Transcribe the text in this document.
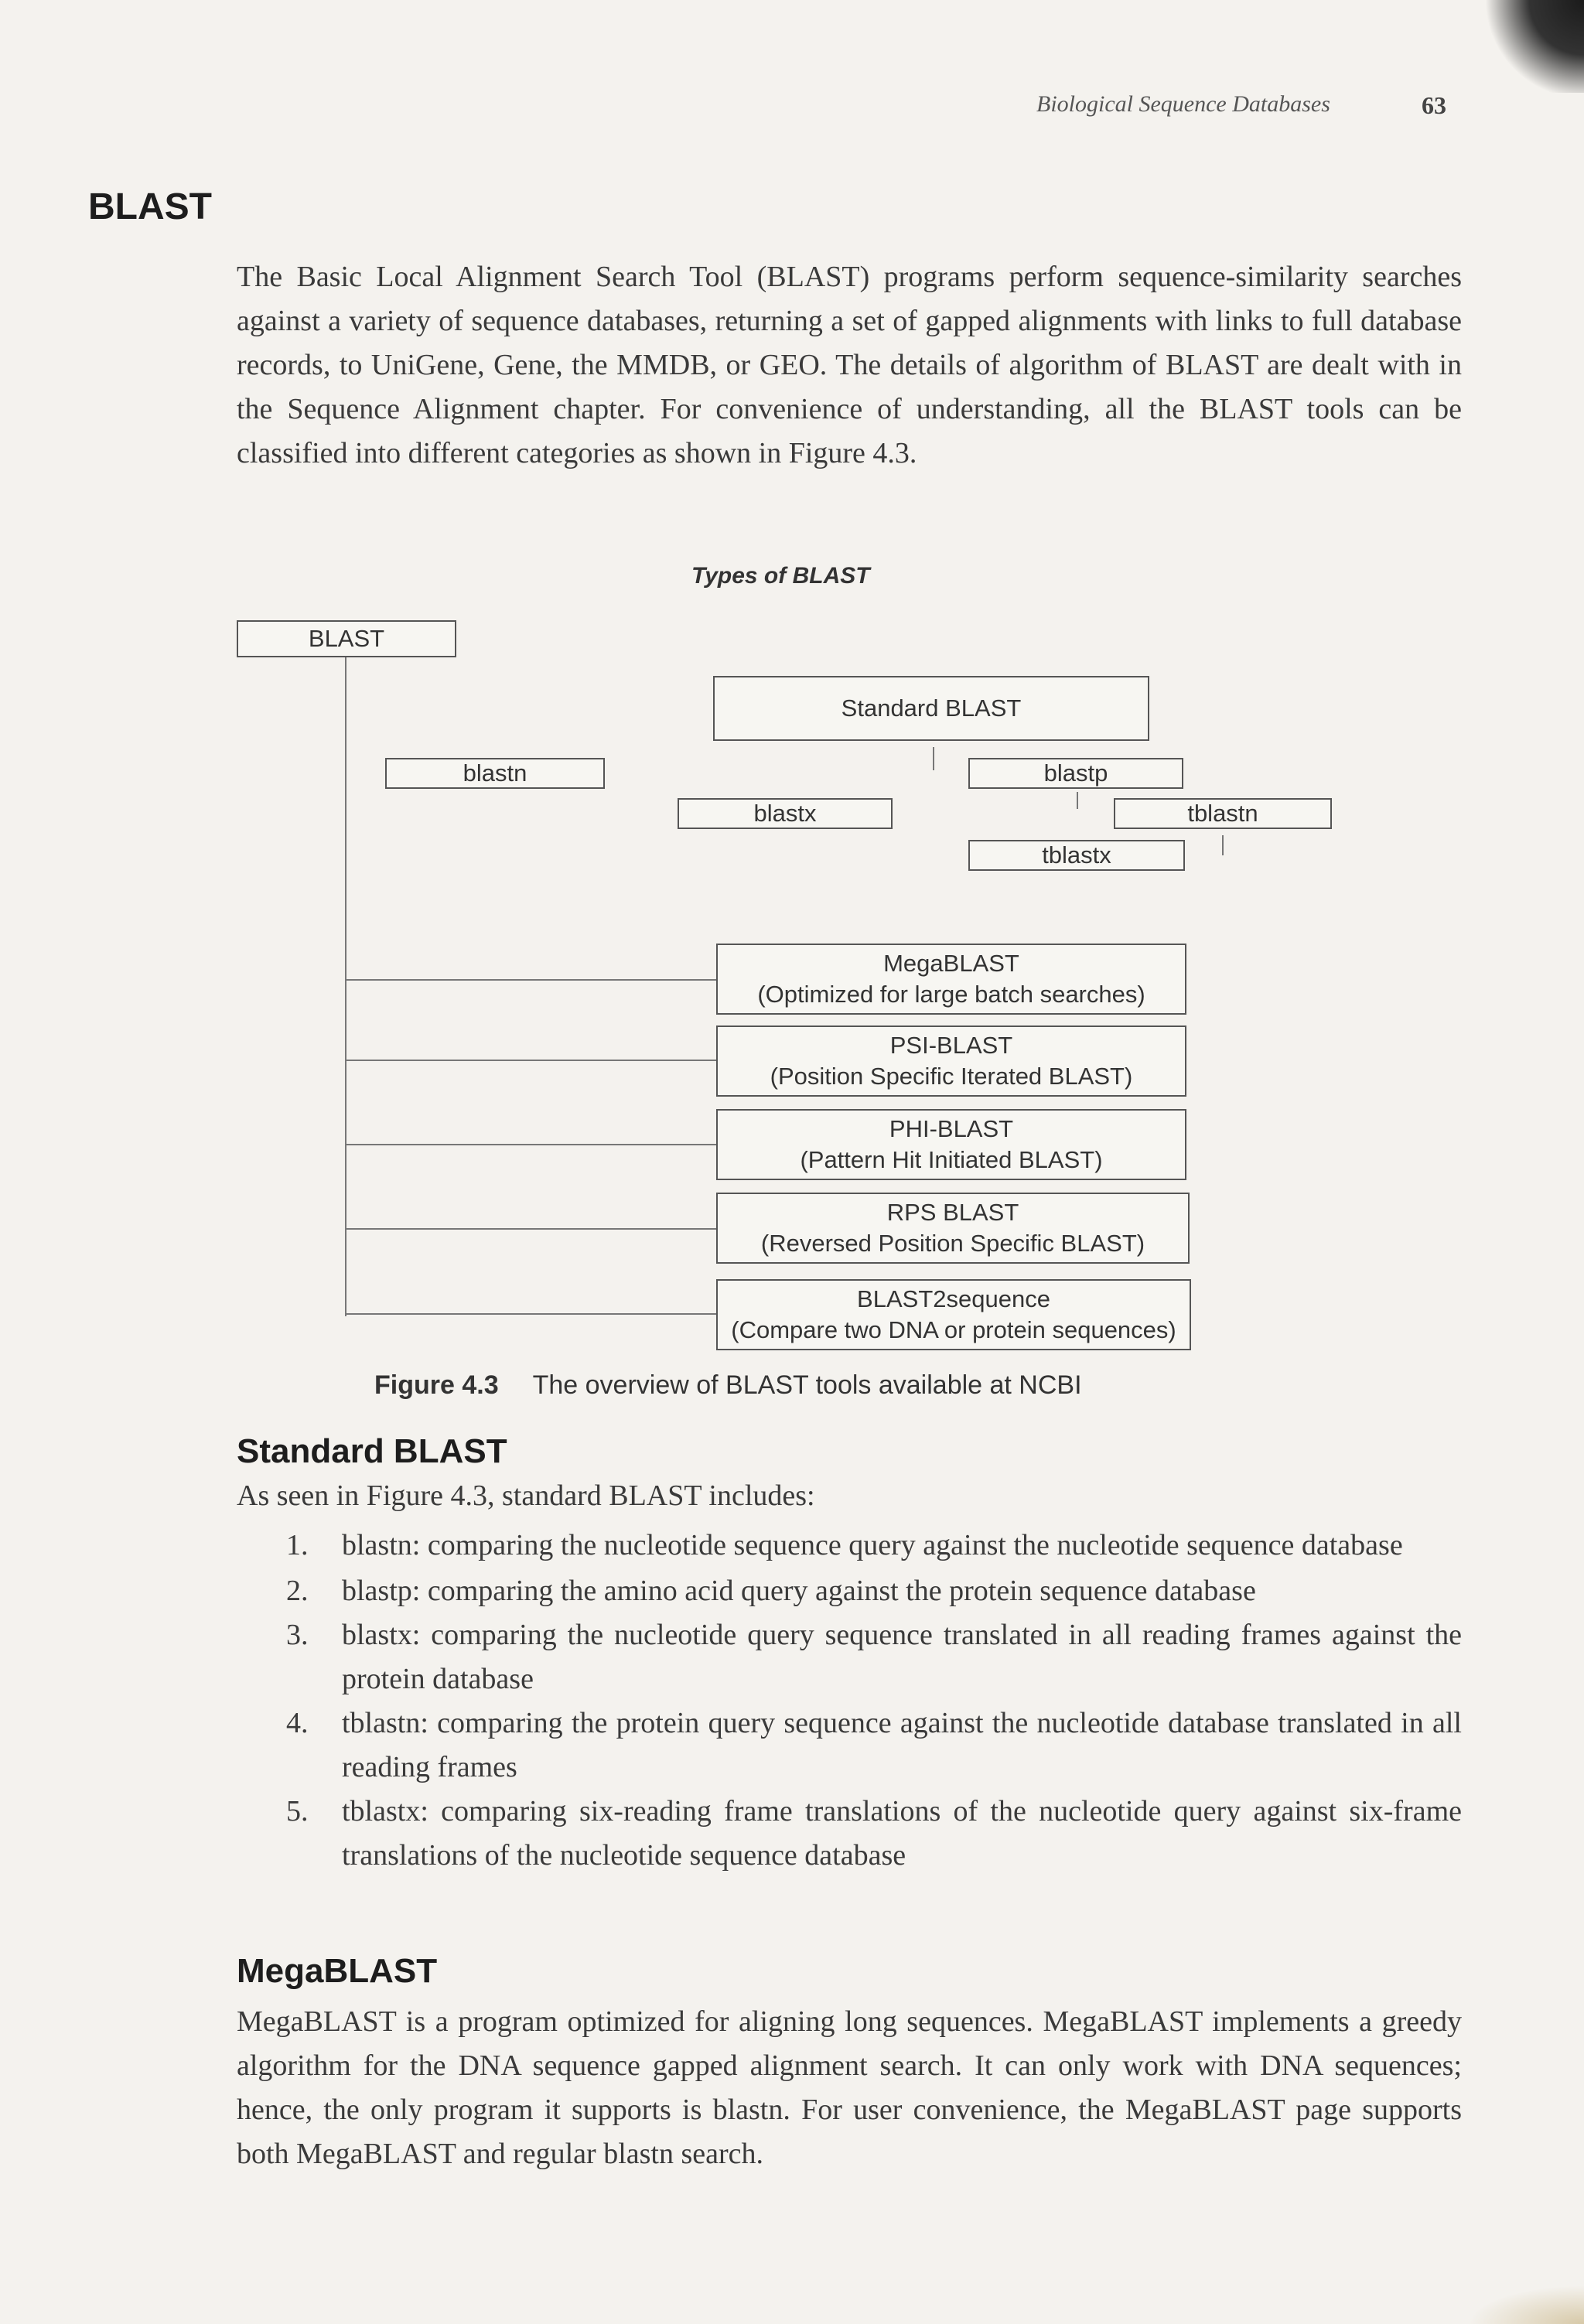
Biological Sequence Databases	63
BLAST
The Basic Local Alignment Search Tool (BLAST) programs perform sequence-similarity searches against a variety of sequence databases, returning a set of gapped alignments with links to full database records, to UniGene, Gene, the MMDB, or GEO. The details of algorithm of BLAST are dealt with in the Sequence Alignment chapter. For convenience of understanding, all the BLAST tools can be classified into different categories as shown in Figure 4.3.
Types of BLAST
BLAST
Standard BLAST
blastn	blastp
blastx	tblastn
tblastx
MegaBLAST
(Optimized for large batch searches)
PSI-BLAST
(Position Specific Iterated BLAST)
PHI-BLAST
(Pattern Hit Initiated BLAST)
RPS BLAST
(Reversed Position Specific BLAST)
BLAST2sequence
(Compare two DNA or protein sequences)
Figure 4.3 The overview of BLAST tools available at NCBI
Standard BLAST
As seen in Figure 4.3, standard BLAST includes:
1. blastn: comparing the nucleotide sequence query against the nucleotide sequence database
2. blastp: comparing the amino acid query against the protein sequence database
3. blastx: comparing the nucleotide query sequence translated in all reading frames against the protein database
4. tblastn: comparing the protein query sequence against the nucleotide database translated in all reading frames
5. tblastx: comparing six-reading frame translations of the nucleotide query against six-frame translations of the nucleotide sequence database
MegaBLAST
MegaBLAST is a program optimized for aligning long sequences. MegaBLAST implements a greedy algorithm for the DNA sequence gapped alignment search. It can only work with DNA sequences; hence, the only program it supports is blastn. For user convenience, the MegaBLAST page supports both MegaBLAST and regular blastn search.
